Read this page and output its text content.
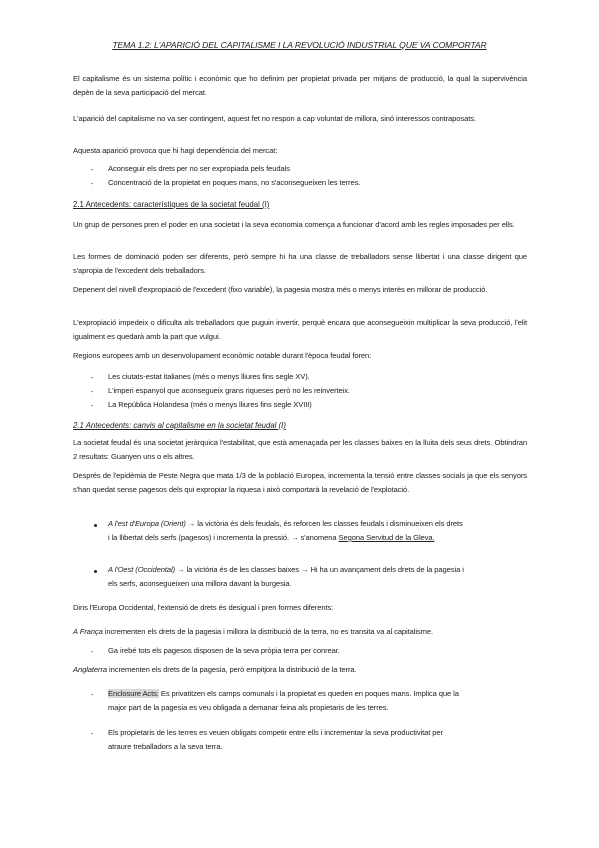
TEMA 1.2: L'APARICIÓ DEL CAPITALISME I LA REVOLUCIÓ INDUSTRIAL QUE VA COMPORTAR
El capitalisme és un sistema polític i econòmic que ho definim per propietat privada per mitjans de producció, la qual la supervivència depèn de la seva participació del mercat.
L'aparició del capitalisme no va ser contingent, aquest fet no respon a cap voluntat de millora, sinó interessos contraposats.
Aquesta aparició provoca que hi hagi dependència del mercat:
- Aconseguir els drets per no ser expropiada pels feudals
- Concentració de la propietat en poques mans, no s'aconsegueixen les terres.
2.1 Antecedents: característiques de la societat feudal (I)
Un grup de persones pren el poder en una societat i la seva economia comença a funcionar d'acord amb les regles imposades per ells.
Les formes de dominació poden ser diferents, però sempre hi ha una classe de treballadors sense llibertat i una classe dirigent que s'apropia de l'excedent dels treballadors.
Depenent del nivell d'expropiació de l'excedent (fixo variable), la pagesia mostra més o menys interès en millorar de producció.
L'expropiació impedeix o dificulta als treballadors que puguin invertir, perquè encara que aconsegueixin multiplicar la seva producció, l'elit igualment es quedarà amb la part que vulgui.
Regions europees amb un desenvolupament econòmic notable durant l'època feudal foren:
- Les ciutats-estat italianes (més o menys lliures fins segle XV).
- L'imperi espanyol que aconsegueix grans riqueses però no les reinverteix.
- La República Holandesa (més o menys lliures fins segle XVIII)
2.1 Antecedents: canvis al capitalisme en la societat feudal (I)
La societat feudal és una societat jeràrquica l'estabilitat, que està amenaçada per les classes baixes en la lluita dels seus drets. Obtindran 2 resultats: Guanyen uns o els altres.
Després de l'epidèmia de Peste Negra que mata 1/3 de la població Europea, incrementa la tensió entre classes socials ja que els senyors s'han quedat sense pagesos dels qui expropiar la riquesa i això comportarà la revelació de l'explotació.
A l'est d'Europa (Orient) → la victòria és dels feudals, és reforcen les classes feudals i disminueixen els drets
i la llibertat dels serfs (pagesos) i incrementa la pressió. → s'anomena Segona Servitud de la Gleva.
A l'Oest (Occidental) → la victòria és de les classes baixes → Hi ha un avançament dels drets de la pagesia i
els serfs, aconsegueixen una millora davant la burgesia.
Dins l'Europa Occidental, l'extensió de drets és desigual i pren formes diferents:
A França incrementen els drets de la pagesia i millora la distribució de la terra, no es transita va al capitalisme.
- Ga irebé tots els pagesos disposen de la seva pròpia terra per conrear.
Anglaterra incrementen els drets de la pagesia, però empitjora la distribució de la terra.
- Enclosure Acts: Es privatitzen els camps comunals i la propietat es queden en poques mans. Implica que la
major part de la pagesia es veu obligada a demanar feina als propietaris de les terres.
- Els propietaris de les terres es veuen obligats competir entre ells i incrementar la seva productivitat per
atraure treballadors a la seva terra.
